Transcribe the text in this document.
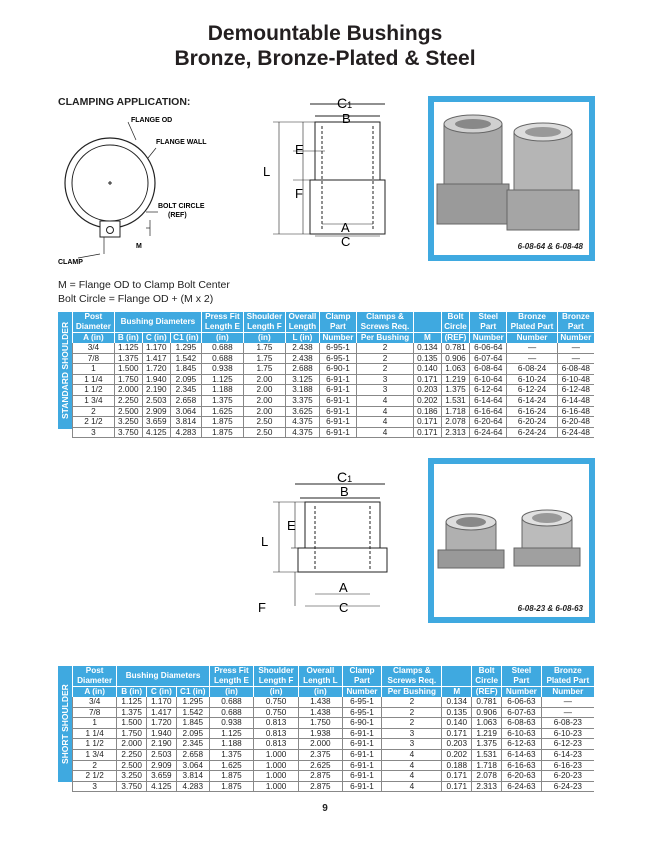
Demountable Bushings
Bronze, Bronze-Plated & Steel
CLAMPING APPLICATION:
FLANGE OD
FLANGE WALL
BOLT CIRCLE
(REF)
M
CLAMP
M = Flange OD to Clamp Bolt Center
Bolt Circle = Flange OD + (M x 2)
C1
B
E
L
F
A
C	6-08-64 & 6-08-48
STANDARD SHOULDER
Post	Bushing Diameters			Press Fit	Shoulder	Overall	Clamp	Clamps &		Bolt	Steel	Bronze	Bronze
Diameter				Length E	Length F	Length	Part	Screws Req.		Circle	Part	Plated Part	Part
A (in)	B (in)	C (in)	C1 (in)	(in)	(in)	L (in)	Number	Per Bushing	M	(REF)	Number	Number	Number
3/4	1.125	1.170	1.295	0.688	1.75	2.438	6-95-1	2	0.134	0.781	6-06-64	—	—
7/8	1.375	1.417	1.542	0.688	1.75	2.438	6-95-1	2	0.135	0.906	6-07-64	—	—
1	1.500	1.720	1.845	0.938	1.75	2.688	6-90-1	2	0.140	1.063	6-08-64	6-08-24	6-08-48
1 1/4	1.750	1.940	2.095	1.125	2.00	3.125	6-91-1	3	0.171	1.219	6-10-64	6-10-24	6-10-48
1 1/2	2.000	2.190	2.345	1.188	2.00	3.188	6-91-1	3	0.203	1.375	6-12-64	6-12-24	6-12-48
1 3/4	2.250	2.503	2.658	1.375	2.00	3.375	6-91-1	4	0.202	1.531	6-14-64	6-14-24	6-14-48
2	2.500	2.909	3.064	1.625	2.00	3.625	6-91-1	4	0.186	1.718	6-16-64	6-16-24	6-16-48
2 1/2	3.250	3.659	3.814	1.875	2.50	4.375	6-91-1	4	0.171	2.078	6-20-64	6-20-24	6-20-48
3	3.750	4.125	4.283	1.875	2.50	4.375	6-91-1	4	0.171	2.313	6-24-64	6-24-24	6-24-48
C1
B
E
L
F
A
C	6-08-23 & 6-08-63
SHORT SHOULDER
Post	Bushing Diameters			Press Fit	Shoulder	Overall	Clamp	Clamps &		Bolt	Steel	Bronze
Diameter				Length E	Length F	Length L	Part	Screws Req.		Circle	Part	Plated Part
A (in)	B (in)	C (in)	C1 (in)	(in)	(in)	(in)	Number	Per Bushing	M	(REF)	Number	Number
3/4	1.125	1.170	1.295	0.688	0.750	1.438	6-95-1	2	0.134	0.781	6-06-63	—
7/8	1.375	1.417	1.542	0.688	0.750	1.438	6-95-1	2	0.135	0.906	6-07-63	—
1	1.500	1.720	1.845	0.938	0.813	1.750	6-90-1	2	0.140	1.063	6-08-63	6-08-23
1 1/4	1.750	1.940	2.095	1.125	0.813	1.938	6-91-1	3	0.171	1.219	6-10-63	6-10-23
1 1/2	2.000	2.190	2.345	1.188	0.813	2.000	6-91-1	3	0.203	1.375	6-12-63	6-12-23
1 3/4	2.250	2.503	2.658	1.375	1.000	2.375	6-91-1	4	0.202	1.531	6-14-63	6-14-23
2	2.500	2.909	3.064	1.625	1.000	2.625	6-91-1	4	0.188	1.718	6-16-63	6-16-23
2 1/2	3.250	3.659	3.814	1.875	1.000	2.875	6-91-1	4	0.171	2.078	6-20-63	6-20-23
3	3.750	4.125	4.283	1.875	1.000	2.875	6-91-1	4	0.171	2.313	6-24-63	6-24-23
9
